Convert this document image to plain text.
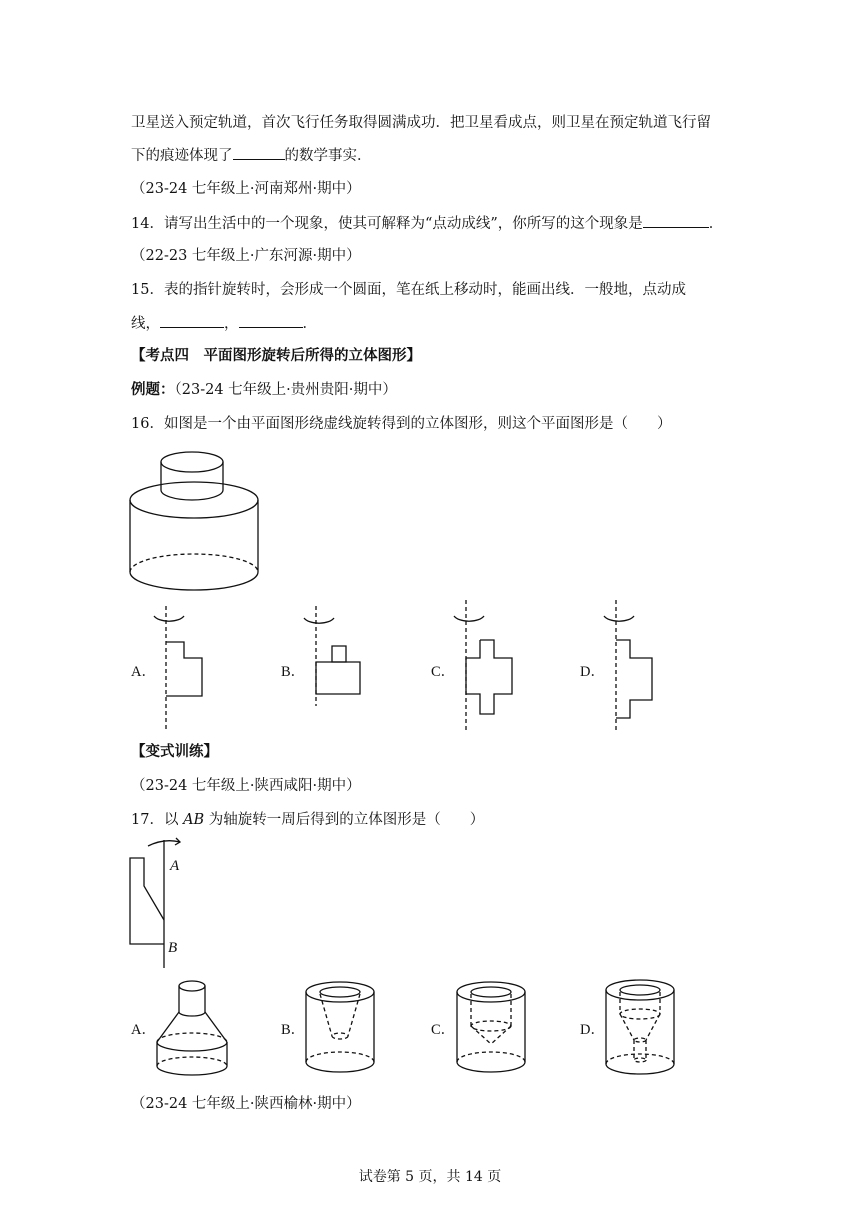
卫星送入预定轨道，首次飞行任务取得圆满成功．把卫星看成点，则卫星在预定轨道飞行留
下的痕迹体现了	的数学事实．
（23-24 七年级上·河南郑州·期中）
14．请写出生活中的一个现象，使其可解释为“点动成线”，你所写的这个现象是	．
（22-23 七年级上·广东河源·期中）
15．表的指针旋转时，会形成一个圆面，笔在纸上移动时，能画出线．一般地，点动成
线，	，	．
【考点四　平面图形旋转后所得的立体图形】
例题：（23-24 七年级上·贵州贵阳·期中）
16．如图是一个由平面图形绕虚线旋转得到的立体图形，则这个平面图形是（　　）
A．	B．	C．	D．
【变式训练】
（23-24 七年级上·陕西咸阳·期中）
17．以 AB 为轴旋转一周后得到的立体图形是（　　）
A
B
A．	B．	C．	D．
（23-24 七年级上·陕西榆林·期中）
试卷第 5 页，共 14 页
